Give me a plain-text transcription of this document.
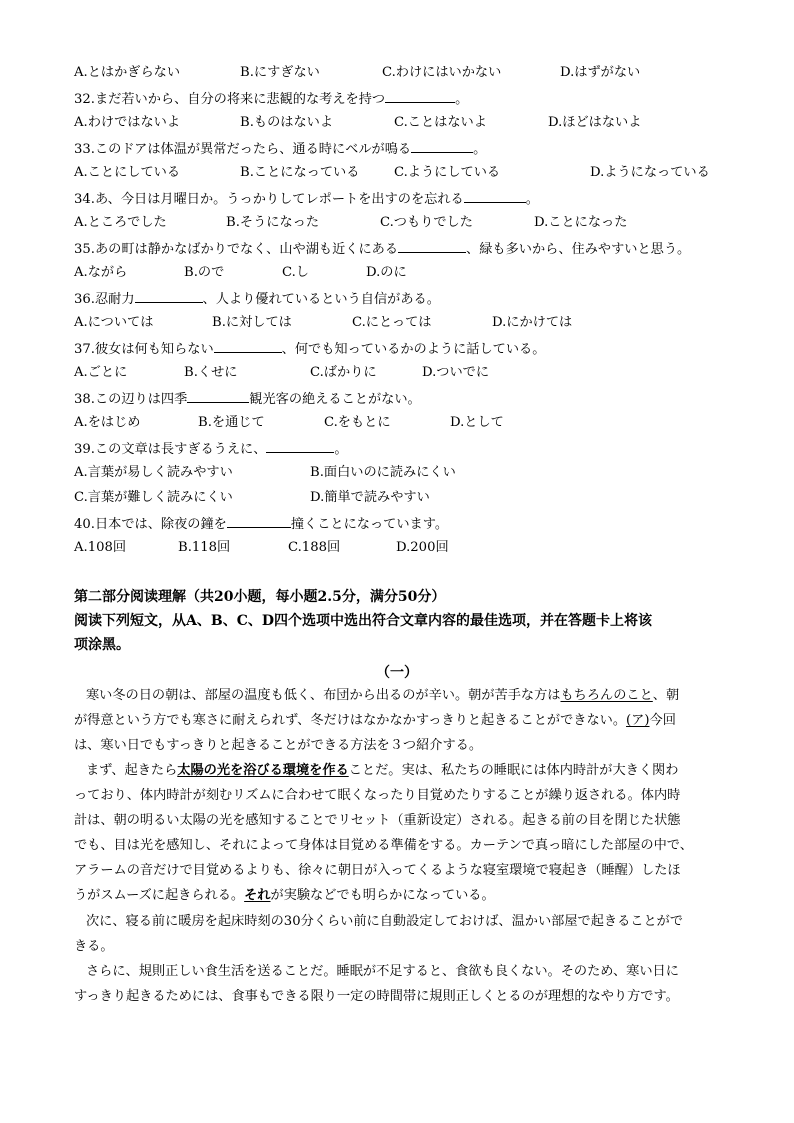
A.とはかぎらない	B.にすぎない	C.わけにはいかない	D.はずがない
32.まだ若いから、自分の将来に悲観的な考えを持つ	。
A.わけではないよ	B.ものはないよ	C.ことはないよ	D.ほどはないよ
33.このドアは体温が異常だったら、通る時にベルが鳴る	。
A.ことにしている	B.ことになっている	C.ようにしている	D.ようになっている
34.あ、今日は月曜日か。うっかりしてレポートを出すのを忘れる	。
A.ところでした	B.そうになった	C.つもりでした	D.ことになった
35.あの町は静かなばかりでなく、山や湖も近くにある	、緑も多いから、住みやすいと思う。
A.ながら	B.ので	C.し	D.のに
36.忍耐力	、人より優れているという自信がある。
A.については	B.に対しては	C.にとっては	D.にかけては
37.彼女は何も知らない	、何でも知っているかのように話している。
A.ごとに	B.くせに	C.ばかりに	D.ついでに
38.この辺りは四季	観光客の絶えることがない。
A.をはじめ	B.を通じて	C.をもとに	D.として
39.この文章は長すぎるうえに、	。
A.言葉が易しく読みやすい	B.面白いのに読みにくい
C.言葉が難しく読みにくい	D.簡単で読みやすい
40.日本では、除夜の鐘を	撞くことになっています。
A.108回	B.118回	C.188回	D.200回
第二部分阅读理解（共20小题，每小题2.5分，满分50分）
阅读下列短文，从A、B、C、D四个选项中选出符合文章内容的最佳选项，并在答题卡上将该
项涂黑。
（一）
寒い冬の日の朝は、部屋の温度も低く、布団から出るのが辛い。朝が苦手な方はもちろんのこと、朝
が得意という方でも寒さに耐えられず、冬だけはなかなかすっきりと起きることができない。(ア)今回
は、寒い日でもすっきりと起きることができる方法を３つ紹介する。
まず、起きたら太陽の光を浴びる環境を作ることだ。実は、私たちの睡眠には体内時計が大きく関わ
っており、体内時計が刻むリズムに合わせて眠くなったり目覚めたりすることが繰り返される。体内時
計は、朝の明るい太陽の光を感知することでリセット（重新设定）される。起きる前の目を閉じた状態
でも、目は光を感知し、それによって身体は目覚める準備をする。カーテンで真っ暗にした部屋の中で、
アラームの音だけで目覚めるよりも、徐々に朝日が入ってくるような寝室環境で寝起き（睡醒）したほ
うがスムーズに起きられる。それが実験などでも明らかになっている。
次に、寝る前に暖房を起床時刻の30分くらい前に自動設定しておけば、温かい部屋で起きることがで
きる。
さらに、規則正しい食生活を送ることだ。睡眠が不足すると、食欲も良くない。そのため、寒い日に
すっきり起きるためには、食事もできる限り一定の時間帯に規則正しくとるのが理想的なやり方です。
